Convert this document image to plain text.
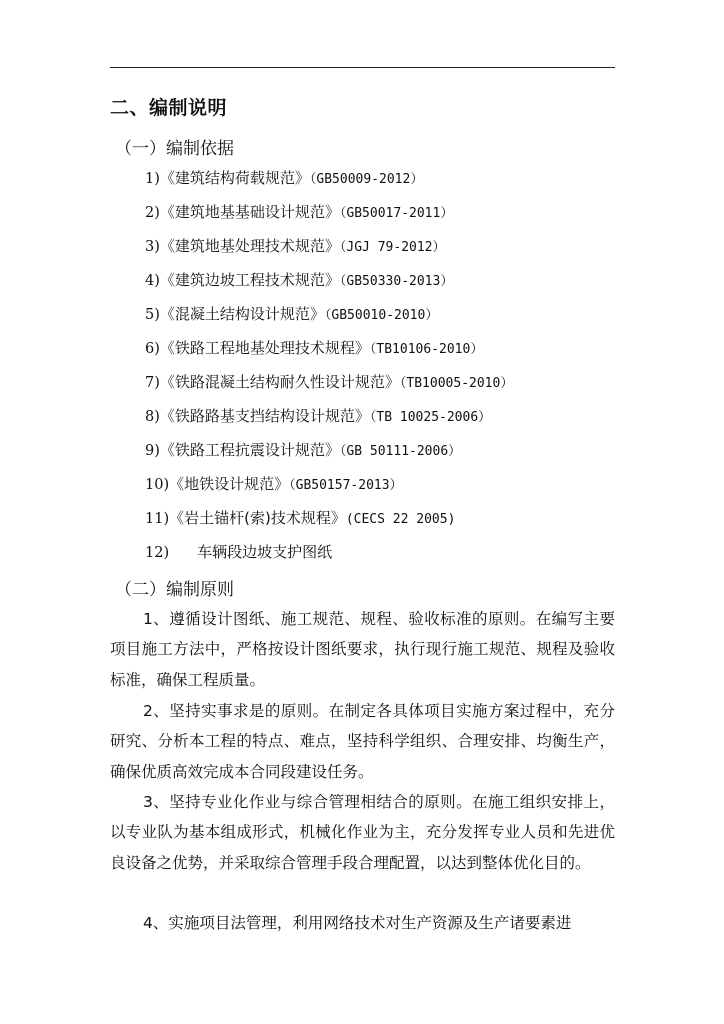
二、编制说明
（一）编制依据
1)《建筑结构荷载规范》（GB50009-2012）
2)《建筑地基基础设计规范》（GB50017-2011）
3)《建筑地基处理技术规范》（JGJ 79-2012）
4)《建筑边坡工程技术规范》（GB50330-2013）
5)《混凝土结构设计规范》（GB50010-2010）
6)《铁路工程地基处理技术规程》（TB10106-2010）
7)《铁路混凝土结构耐久性设计规范》（TB10005-2010）
8)《铁路路基支挡结构设计规范》（TB 10025-2006）
9)《铁路工程抗震设计规范》（GB 50111-2006）
10)《地铁设计规范》（GB50157-2013）
11)《岩土锚杆(索)技术规程》(CECS 22 2005)
12) 车辆段边坡支护图纸
（二）编制原则

1、遵循设计图纸、施工规范、规程、验收标准的原则。在编写主要项目施工方法中，严格按设计图纸要求，执行现行施工规范、规程及验收标准，确保工程质量。

2、坚持实事求是的原则。在制定各具体项目实施方案过程中，充分研究、分析本工程的特点、难点，坚持科学组织、合理安排、均衡生产，确保优质高效完成本合同段建设任务。

3、坚持专业化作业与综合管理相结合的原则。在施工组织安排上，以专业队为基本组成形式，机械化作业为主，充分发挥专业人员和先进优良设备之优势，并采取综合管理手段合理配置，以达到整体优化目的。

4、实施项目法管理，利用网络技术对生产资源及生产诸要素进
